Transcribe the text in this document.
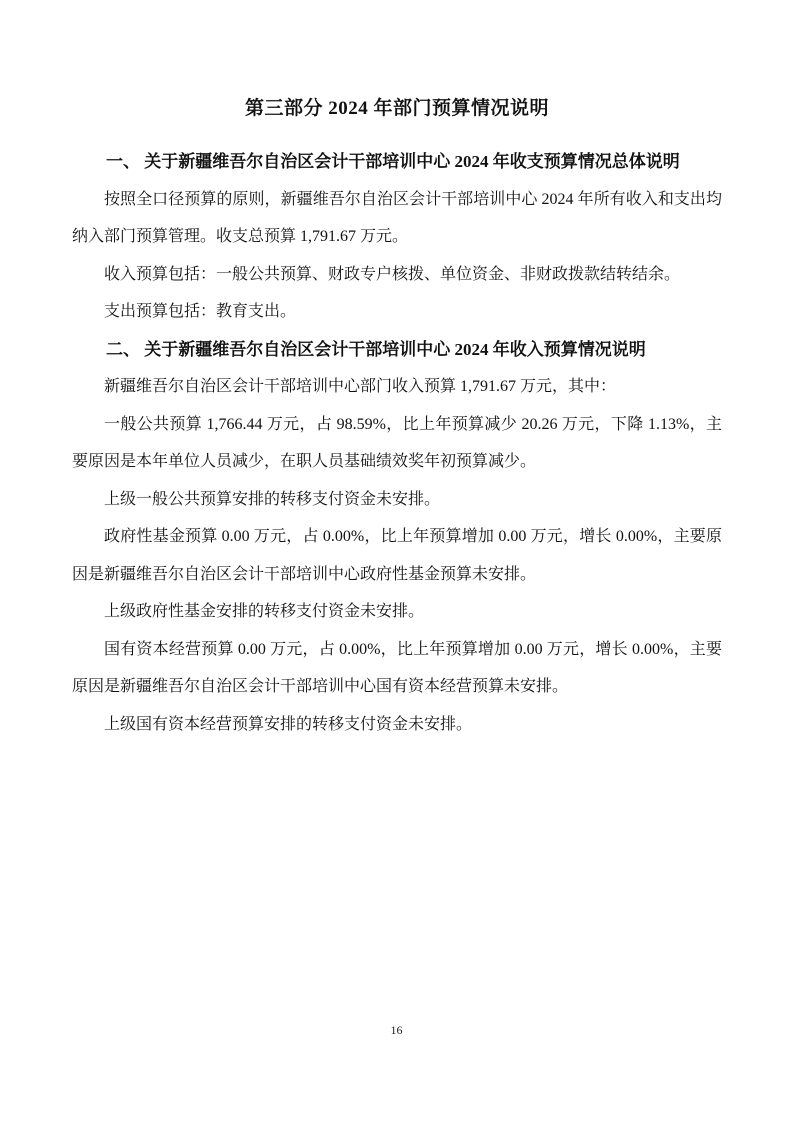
第三部分 2024 年部门预算情况说明

一、 关于新疆维吾尔自治区会计干部培训中心 2024 年收支预算情况总体说明

按照全口径预算的原则，新疆维吾尔自治区会计干部培训中心 2024 年所有收入和支出均纳入部门预算管理。收支总预算 1,791.67 万元。

收入预算包括：一般公共预算、财政专户核拨、单位资金、非财政拨款结转结余。

支出预算包括：教育支出。

二、 关于新疆维吾尔自治区会计干部培训中心 2024 年收入预算情况说明

新疆维吾尔自治区会计干部培训中心部门收入预算 1,791.67 万元，其中：

一般公共预算 1,766.44 万元，占 98.59%，比上年预算减少 20.26 万元，下降 1.13%，主要原因是本年单位人员减少，在职人员基础绩效奖年初预算减少。

上级一般公共预算安排的转移支付资金未安排。

政府性基金预算 0.00 万元，占 0.00%，比上年预算增加 0.00 万元，增长 0.00%，主要原因是新疆维吾尔自治区会计干部培训中心政府性基金预算未安排。

上级政府性基金安排的转移支付资金未安排。

国有资本经营预算 0.00 万元，占 0.00%，比上年预算增加 0.00 万元，增长 0.00%，主要原因是新疆维吾尔自治区会计干部培训中心国有资本经营预算未安排。

上级国有资本经营预算安排的转移支付资金未安排。

16
